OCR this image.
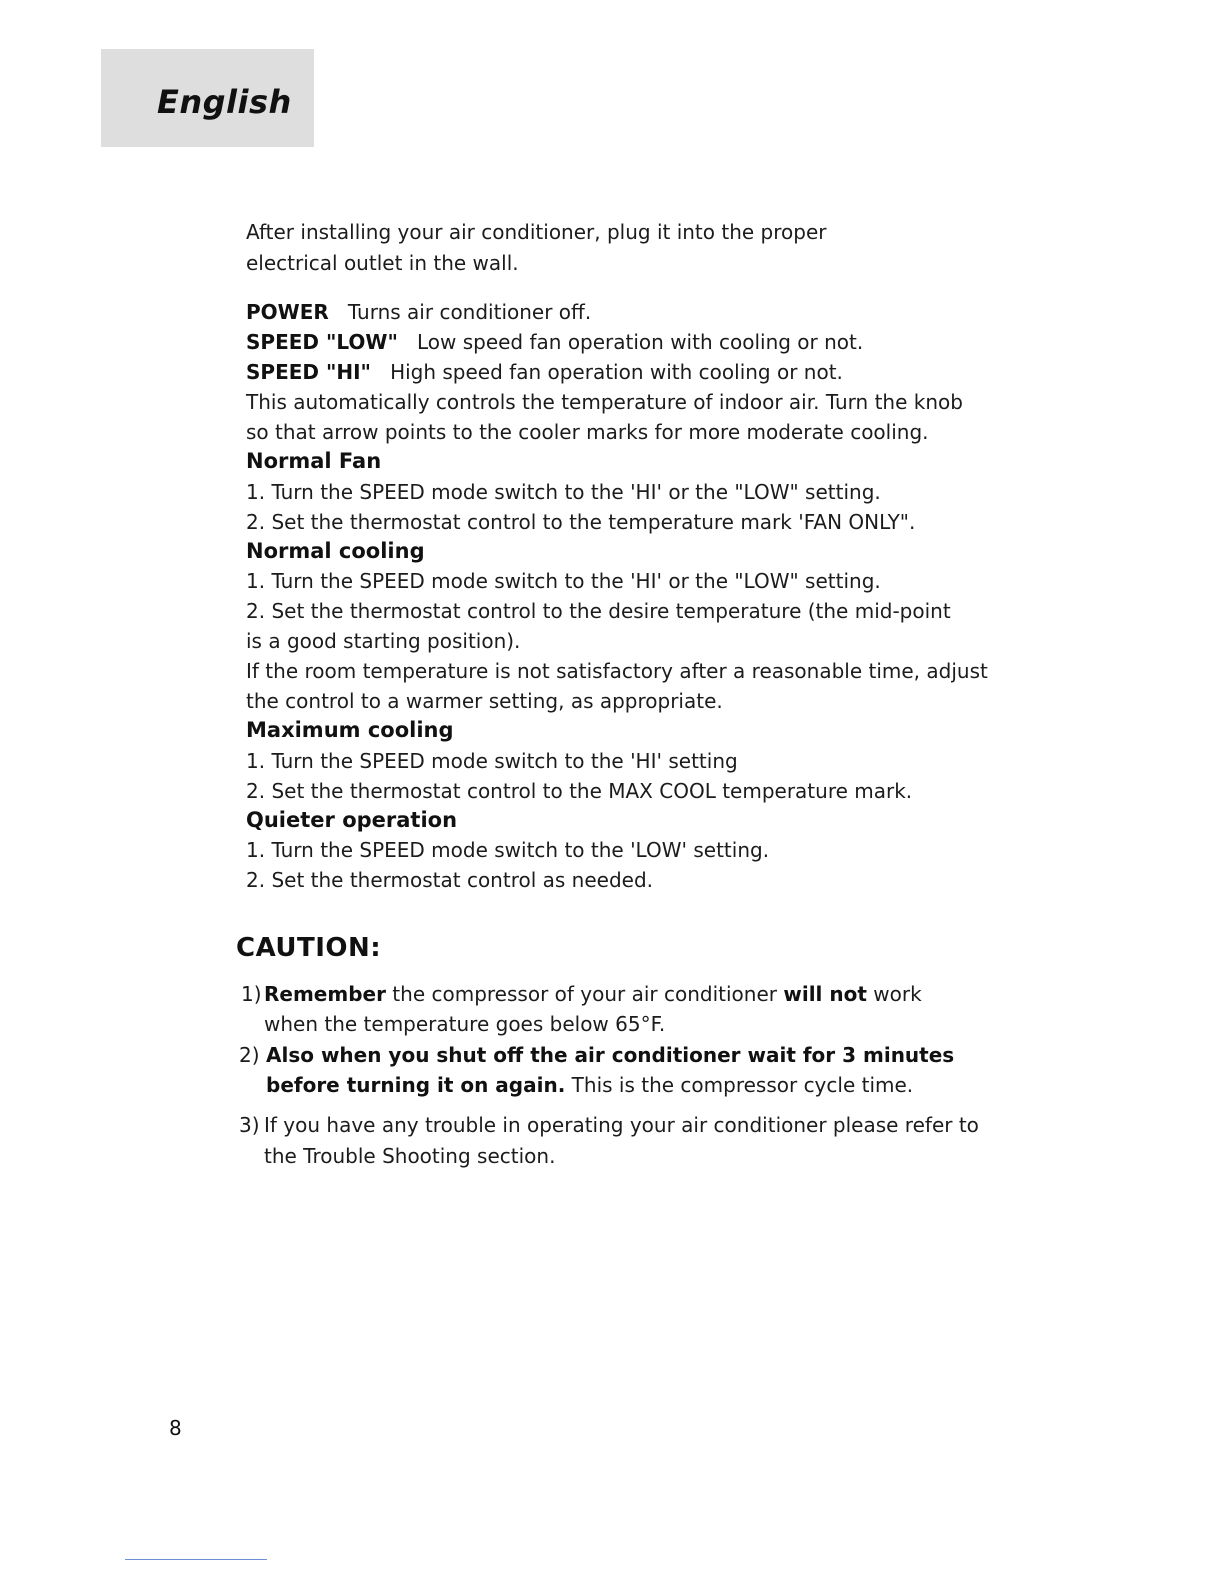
English
After installing your air conditioner, plug it into the proper
electrical outlet in the wall.
POWER Turns air conditioner off.
SPEED "LOW" Low speed fan operation with cooling or not.
SPEED "HI" High speed fan operation with cooling or not.
This automatically controls the temperature of indoor air. Turn the knob
so that arrow points to the cooler marks for more moderate cooling.
Normal Fan
1. Turn the SPEED mode switch to the 'HI' or the "LOW" setting.
2. Set the thermostat control to the temperature mark 'FAN ONLY".
Normal cooling
1. Turn the SPEED mode switch to the 'HI' or the "LOW" setting.
2. Set the thermostat control to the desire temperature (the mid-point
is a good starting position).
If the room temperature is not satisfactory after a reasonable time, adjust
the control to a warmer setting, as appropriate.
Maximum cooling
1. Turn the SPEED mode switch to the 'HI' setting
2. Set the thermostat control to the MAX COOL temperature mark.
Quieter operation
1. Turn the SPEED mode switch to the 'LOW' setting.
2. Set the thermostat control as needed.
CAUTION:
1) Remember the compressor of your air conditioner will not work
when the temperature goes below 65°F.
2) Also when you shut off the air conditioner wait for 3 minutes
before turning it on again. This is the compressor cycle time.
3) If you have any trouble in operating your air conditioner please refer to
the Trouble Shooting section.
8
